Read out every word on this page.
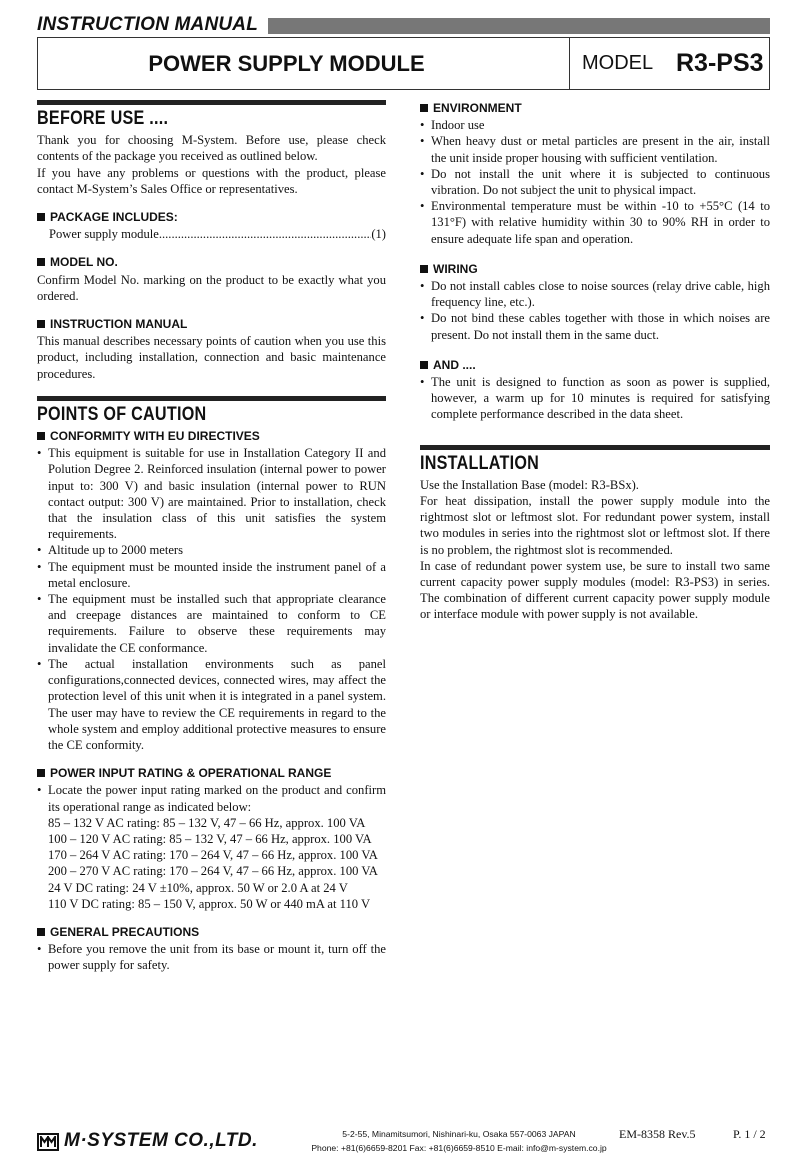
INSTRUCTION MANUAL
POWER SUPPLY MODULE	MODEL R3-PS3
BEFORE USE ....

Thank you for choosing M-System. Before use, please check contents of the package you received as outlined below.

If you have any problems or questions with the product, please contact M-System’s Sales Office or representatives.

PACKAGE INCLUDES:
Power supply module
.....	(1)
MODEL NO.

Confirm Model No. marking on the product to be exactly what you ordered.

INSTRUCTION MANUAL

This manual describes necessary points of caution when you use this product, including installation, connection and basic maintenance procedures.

POINTS OF CAUTION
CONFORMITY WITH EU DIRECTIVES
• This equipment is suitable for use in Installation Category II and Polution Degree 2. Reinforced insulation (internal power to power input to: 300 V) and basic insulation (internal power to RUN contact output: 300 V) are maintained. Prior to installation, check that the insulation class of this unit satisfies the system requirements.
• Altitude up to 2000 meters
• The equipment must be mounted inside the instrument panel of a metal enclosure.
• The equipment must be installed such that appropriate clearance and creepage distances are maintained to conform to CE requirements. Failure to observe these requirements may invalidate the CE conformance.
• The actual installation environments such as panel configurations,connected devices, connected wires, may affect the protection level of this unit when it is integrated in a panel system. The user may have to review the CE requirements in regard to the whole system and employ additional protective measures to ensure the CE conformity.
POWER INPUT RATING & OPERATIONAL RANGE
• Locate the power input rating marked on the product and confirm its operational range as indicated below:
85 – 132 V AC rating: 85 – 132 V, 47 – 66 Hz, approx. 100 VA
100 – 120 V AC rating: 85 – 132 V, 47 – 66 Hz, approx. 100 VA
170 – 264 V AC rating: 170 – 264 V, 47 – 66 Hz, approx. 100 VA
200 – 270 V AC rating: 170 – 264 V, 47 – 66 Hz, approx. 100 VA
24 V DC rating: 24 V ±10%, approx. 50 W or 2.0 A at 24 V
110 V DC rating: 85 – 150 V, approx. 50 W or 440 mA at 110 V
GENERAL PRECAUTIONS
• Before you remove the unit from its base or mount it, turn off the power supply for safety.
ENVIRONMENT
• Indoor use
• When heavy dust or metal particles are present in the air, install the unit inside proper housing with sufficient ventilation.
• Do not install the unit where it is subjected to continuous vibration. Do not subject the unit to physical impact.
• Environmental temperature must be within -10 to +55°C (14 to 131°F) with relative humidity within 30 to 90% RH in order to ensure adequate life span and operation.
WIRING
• Do not install cables close to noise sources (relay drive cable, high frequency line, etc.).
• Do not bind these cables together with those in which noises are present. Do not install them in the same duct.
AND ....
• The unit is designed to function as soon as power is supplied, however, a warm up for 10 minutes is required for satisfying complete performance described in the data sheet.
INSTALLATION

Use the Installation Base (model: R3-BSx).

For heat dissipation, install the power supply module into the rightmost slot or leftmost slot. For redundant power system, install two modules in series into the rightmost slot or leftmost slot. If there is no problem, the rightmost slot is recommended.

In case of redundant power system use, be sure to install two same current capacity power supply modules (model: R3-PS3) in series. The combination of different current capacity power supply module or interface module with power supply is not available.

M·SYSTEM CO.,LTD.	5-2-55, Minamitsumori, Nishinari-ku, Osaka 557-0063 JAPAN
Phone: +81(6)6659-8201 Fax: +81(6)6659-8510 E-mail: info@m-system.co.jp
EM-8358 Rev.5	P. 1 / 2
